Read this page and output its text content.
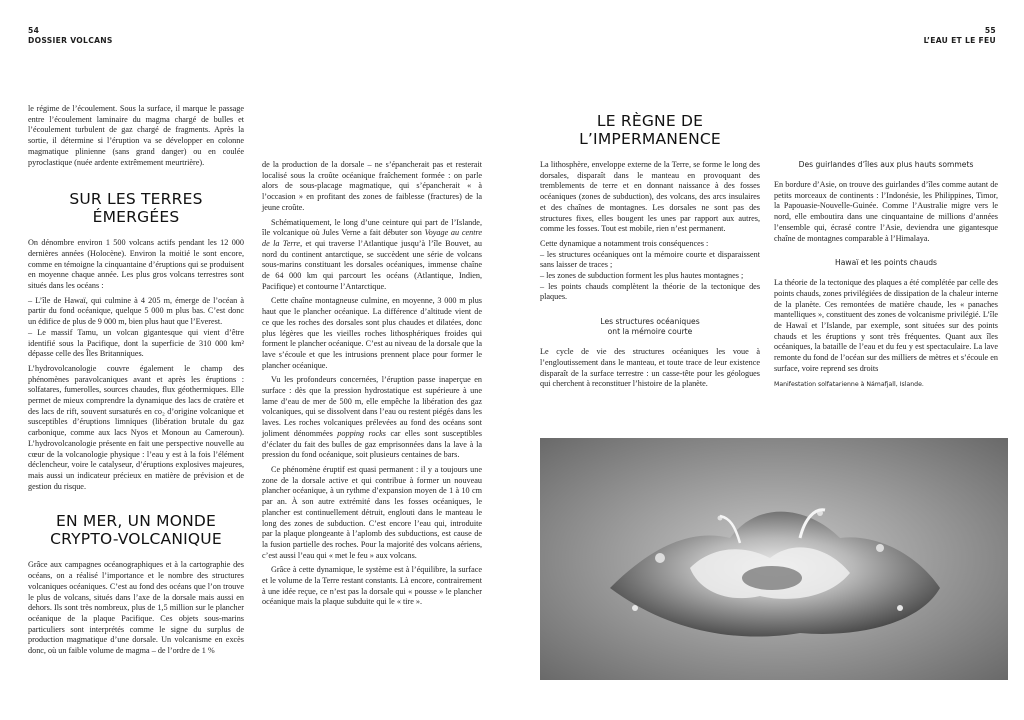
54
DOSSIER VOLCANS

le régime de l’écoulement. Sous la surface, il marque le passage entre l’écoulement laminaire du magma chargé de bulles et l’écoulement turbulent de gaz chargé de fragments. Après la sortie, il détermine si l’éruption va se développer en colonne magmatique plinienne (sans grand danger) ou en coulée pyroclastique (nuée ardente extrêmement meurtrière).

SUR LES TERRES ÉMERGÉES

On dénombre environ 1 500 volcans actifs pendant les 12 000 dernières années (Holocène). Environ la moitié le sont encore, comme en témoigne la cinquantaine d’éruptions qui se produisent en moyenne chaque année. Les plus gros volcans terrestres sont situés dans les océans :

– L’île de Hawaï, qui culmine à 4 205 m, émerge de l’océan à partir du fond océanique, quelque 5 000 m plus bas. C’est donc un édifice de plus de 9 000 m, bien plus haut que l’Everest.
– Le massif Tamu, un volcan gigantesque qui vient d’être identifié sous la Pacifique, dont la superficie de 310 000 km² dépasse celle des Îles Britanniques.

L’hydrovolcanologie couvre également le champ des phénomènes paravolcaniques avant et après les éruptions : solfatares, fumerolles, sources chaudes, flux géothermiques. Elle permet de mieux comprendre la dynamique des lacs de cratère et des lacs de rift, souvent sursaturés en co₂ d’origine volcanique et susceptibles d’éruptions limniques (libération brutale du gaz carbonique, comme aux lacs Nyos et Monoun au Cameroun). L’hydrovolcanologie présente en fait une perspective nouvelle au cœur de la volcanologie physique : l’eau y est à la fois l’élément déclencheur, voire le catalyseur, d’éruptions explosives majeures, mais aussi un indicateur précieux en matière de prévision et de gestion du risque.

EN MER, UN MONDE
CRYPTO-VOLCANIQUE

Grâce aux campagnes océanographiques et à la cartographie des océans, on a réalisé l’importance et le nombre des structures volcaniques océaniques. C’est au fond des océans que l’on trouve le plus de volcans, situés dans l’axe de la dorsale mais aussi en dehors. Ils sont très nombreux, plus de 1,5 million sur le plancher océanique de la plaque Pacifique. Ces objets sous-marins particuliers sont interprétés comme le signe du surplus de production magmatique d’une dorsale. Un volcanisme en excès donc, où un faible volume de magma – de l’ordre de 1 %

de la production de la dorsale – ne s’épancherait pas et resterait localisé sous la croûte océanique fraîchement formée : on parle alors de sous-placage magmatique, qui s’épancherait « à l’occasion » en profitant des zones de faiblesse (fractures) de la jeune croûte.

Schématiquement, le long d’une ceinture qui part de l’Islande, île volcanique où Jules Verne a fait débuter son Voyage au centre de la Terre, et qui traverse l’Atlantique jusqu’à l’île Bouvet, au nord du continent antarctique, se succèdent une série de volcans sous-marins constituant les dorsales océaniques, immense chaîne de 64 000 km qui parcourt les océans (Atlantique, Indien, Pacifique) et contourne l’Antarctique.

Cette chaîne montagneuse culmine, en moyenne, 3 000 m plus haut que le plancher océanique. La différence d’altitude vient de ce que les roches des dorsales sont plus chaudes et dilatées, donc plus légères que les vieilles roches lithosphériques froides qui forment le plancher océanique. C’est au niveau de la dorsale que la lave s’écoule et que les intrusions prennent place pour former le plancher océanique.

Vu les profondeurs concernées, l’éruption passe inaperçue en surface : dès que la pression hydrostatique est supérieure à une lame d’eau de mer de 500 m, elle empêche la libération des gaz volcaniques, qui se dissolvent dans l’eau ou restent piégés dans les laves. Les roches volcaniques prélevées au fond des océans sont joliment dénommées popping rocks car elles sont susceptibles d’éclater du fait des bulles de gaz emprisonnées dans la lave à la pression du fond océanique, soit plusieurs centaines de bars.

Ce phénomène éruptif est quasi permanent : il y a toujours une zone de la dorsale active et qui contribue à former un nouveau plancher océanique, à un rythme d’expansion moyen de 1 à 10 cm par an. À son autre extrémité dans les fosses océaniques, le plancher est continuellement détruit, englouti dans le manteau le long des zones de subduction. C’est encore l’eau qui, introduite par la plaque plongeante à l’aplomb des subductions, est cause de la fusion partielle des roches. Pour la majorité des volcans aériens, c’est aussi l’eau qui « met le feu » aux volcans.

Grâce à cette dynamique, le système est à l’équilibre, la surface et le volume de la Terre restant constants. Là encore, contrairement à une idée reçue, ce n’est pas la dorsale qui « pousse » le plancher océanique mais la plaque subduite qui le « tire ».

55
L’EAU ET LE FEU
LE RÈGNE DE
L’IMPERMANENCE

La lithosphère, enveloppe externe de la Terre, se forme le long des dorsales, disparaît dans le manteau en provoquant des tremblements de terre et en donnant naissance à des fosses océaniques (zones de subduction), des volcans, des arcs insulaires et des chaînes de montagnes. Les dorsales ne sont pas des structures fixes, elles bougent les unes par rapport aux autres, comme les fosses. Tout est mobile, rien n’est permanent.

Cette dynamique a notamment trois conséquences :

– les structures océaniques ont la mémoire courte et disparaissent sans laisser de traces ;
– les zones de subduction forment les plus hautes montagnes ;
– les points chauds complètent la théorie de la tectonique des plaques.
Les structures océaniques
ont la mémoire courte

Le cycle de vie des structures océaniques les voue à l’engloutissement dans le manteau, et toute trace de leur existence disparaît de la surface terrestre : un casse-tête pour les géologues qui cherchent à reconstituer l’histoire de la planète.

Des guirlandes d’îles aux plus hauts sommets

En bordure d’Asie, on trouve des guirlandes d’îles comme autant de petits morceaux de continents : l’Indonésie, les Philippines, Timor, la Papouasie-Nouvelle-Guinée. Comme l’Australie migre vers le nord, elle emboutira dans une cinquantaine de millions d’années l’ensemble qui, écrasé contre l’Asie, deviendra une gigantesque chaîne de montagnes comparable à l’Himalaya.

Hawaï et les points chauds

La théorie de la tectonique des plaques a été complétée par celle des points chauds, zones privilégiées de dissipation de la chaleur interne de la planète. Ces remontées de matière chaude, les « panaches mantelliques », constituent des zones de volcanisme privilégié. L’île de Hawaï et l’Islande, par exemple, sont situées sur des points chauds et les éruptions y sont très fréquentes. Quant aux îles océaniques, la bataille de l’eau et du feu y est spectaculaire. La lave remonte du fond de l’océan sur des milliers de mètres et s’écoule en surface, voire reprend ses droits

Manifestation solfatarienne à Námafjall, Islande.
